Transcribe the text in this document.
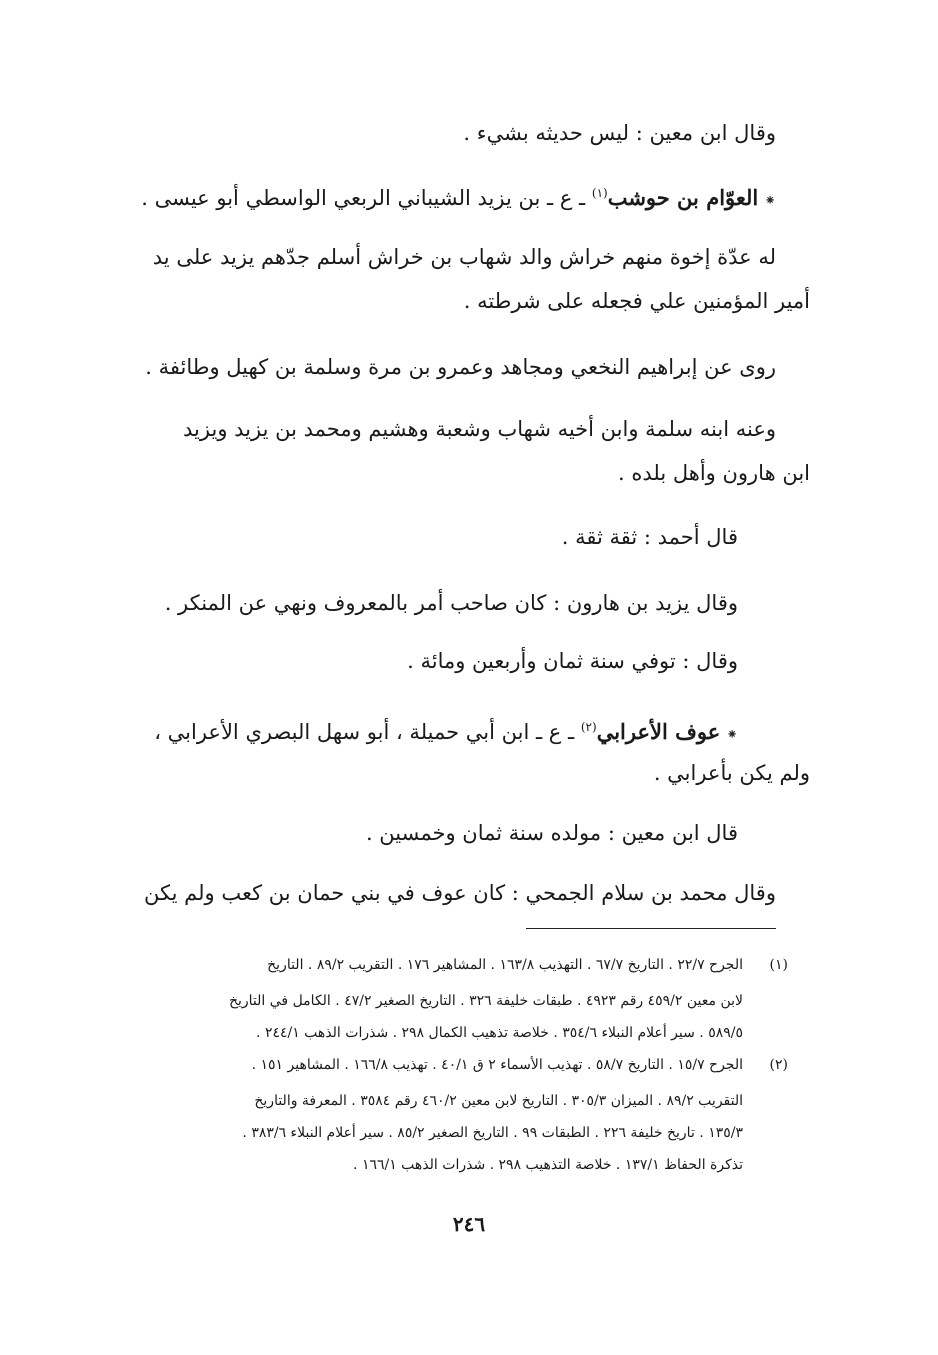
وقال ابن معين : ليس حديثه بشيء .
⁕العوّام بن حوشب$^{(١)}$ ـ ع ـ بن يزيد الشيباني الربعي الواسطي أبو عيسى .
له عدّة إخوة منهم خراش والد شهاب بن خراش أسلم جدّهم يزيد على يد
أمير المؤمنين علي فجعله على شرطته .
روى عن إبراهيم النخعي ومجاهد وعمرو بن مرة وسلمة بن كهيل وطائفة .
وعنه ابنه سلمة وابن أخيه شهاب وشعبة وهشيم ومحمد بن يزيد ويزيد
ابن هارون وأهل بلده .
قال أحمد : ثقة ثقة .
وقال يزيد بن هارون : كان صاحب أمر بالمعروف ونهي عن المنكر .
وقال : توفي سنة ثمان وأربعين ومائة .
⁕عوف الأعرابي$^{(٢)}$ ـ ع ـ ابن أبي حميلة ، أبو سهل البصري الأعرابي ،
ولم يكن بأعرابي .
قال ابن معين : مولده سنة ثمان وخمسين .
وقال محمد بن سلام الجمحي : كان عوف في بني حمان بن كعب ولم يكن
(١)
الجرح ٢٢/٧ . التاريخ ٦٧/٧ . التهذيب ١٦٣/٨ . المشاهير ١٧٦ . التقريب ٨٩/٢ . التاريخ
لابن معين ٤٥٩/٢ رقم ٤٩٢٣ . طبقات خليفة ٣٢٦ . التاريخ الصغير ٤٧/٢ . الكامل في التاريخ
٥٨٩/٥ . سير أعلام النبلاء ٣٥٤/٦ . خلاصة تذهيب الكمال ٢٩٨ . شذرات الذهب ٢٤٤/١ .
(٢)
الجرح ١٥/٧ . التاريخ ٥٨/٧ . تهذيب الأسماء ٢ ق ٤٠/١ . تهذيب ١٦٦/٨ . المشاهير ١٥١ .
التقريب ٨٩/٢ . الميزان ٣٠٥/٣ . التاريخ لابن معين ٤٦٠/٢ رقم ٣٥٨٤ . المعرفة والتاريخ
١٣٥/٣ . تاريخ خليفة ٢٢٦ . الطبقات ٩٩ . التاريخ الصغير ٨٥/٢ . سير أعلام النبلاء ٣٨٣/٦ .
تذكرة الحفاظ ١٣٧/١ . خلاصة التذهيب ٢٩٨ . شذرات الذهب ١٦٦/١ .
٢٤٦
